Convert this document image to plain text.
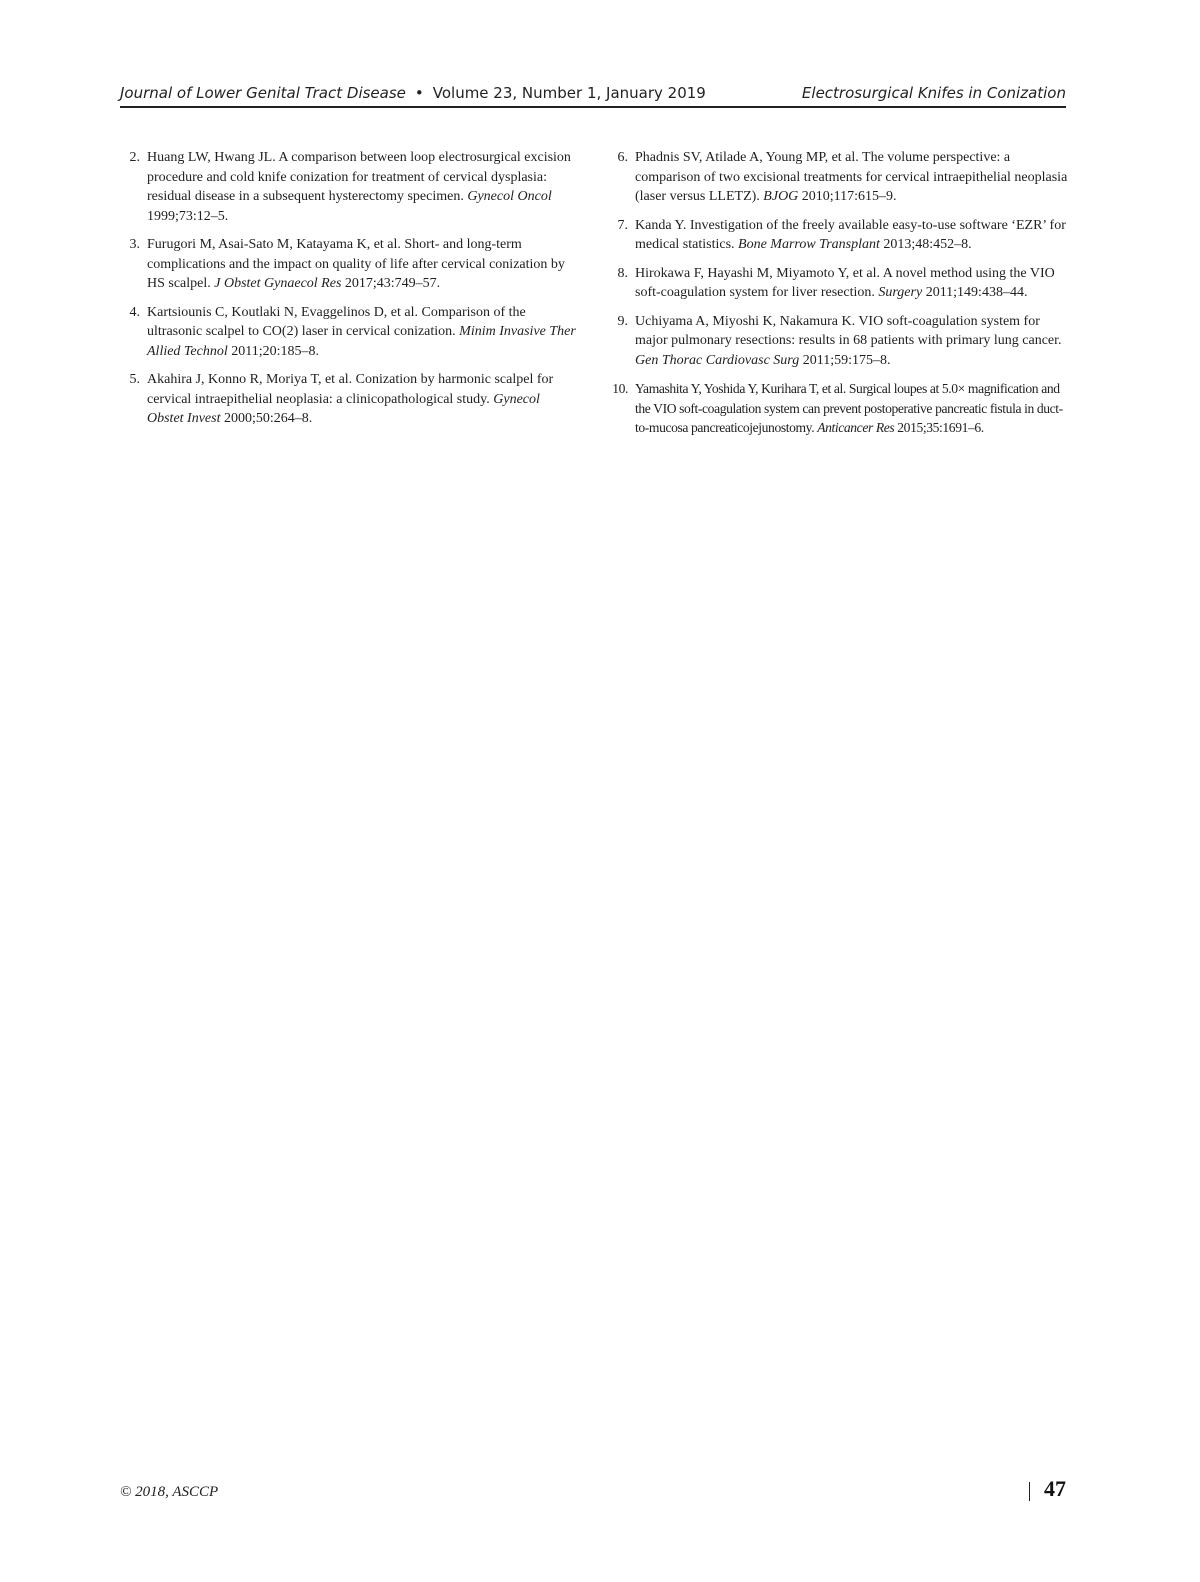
Journal of Lower Genital Tract Disease • Volume 23, Number 1, January 2019	Electrosurgical Knifes in Conization
2. Huang LW, Hwang JL. A comparison between loop electrosurgical excision procedure and cold knife conization for treatment of cervical dysplasia: residual disease in a subsequent hysterectomy specimen. Gynecol Oncol 1999;73:12–5.
3. Furugori M, Asai-Sato M, Katayama K, et al. Short- and long-term complications and the impact on quality of life after cervical conization by HS scalpel. J Obstet Gynaecol Res 2017;43:749–57.
4. Kartsiounis C, Koutlaki N, Evaggelinos D, et al. Comparison of the ultrasonic scalpel to CO(2) laser in cervical conization. Minim Invasive Ther Allied Technol 2011;20:185–8.
5. Akahira J, Konno R, Moriya T, et al. Conization by harmonic scalpel for cervical intraepithelial neoplasia: a clinicopathological study. Gynecol Obstet Invest 2000;50:264–8.
6. Phadnis SV, Atilade A, Young MP, et al. The volume perspective: a comparison of two excisional treatments for cervical intraepithelial neoplasia (laser versus LLETZ). BJOG 2010;117:615–9.
7. Kanda Y. Investigation of the freely available easy-to-use software ‘EZR’ for medical statistics. Bone Marrow Transplant 2013;48:452–8.
8. Hirokawa F, Hayashi M, Miyamoto Y, et al. A novel method using the VIO soft-coagulation system for liver resection. Surgery 2011;149:438–44.
9. Uchiyama A, Miyoshi K, Nakamura K. VIO soft-coagulation system for major pulmonary resections: results in 68 patients with primary lung cancer. Gen Thorac Cardiovasc Surg 2011;59:175–8.
10. Yamashita Y, Yoshida Y, Kurihara T, et al. Surgical loupes at 5.0× magnification and the VIO soft-coagulation system can prevent postoperative pancreatic fistula in duct-to-mucosa pancreaticojejunostomy. Anticancer Res 2015;35:1691–6.
© 2018, ASCCP	47
